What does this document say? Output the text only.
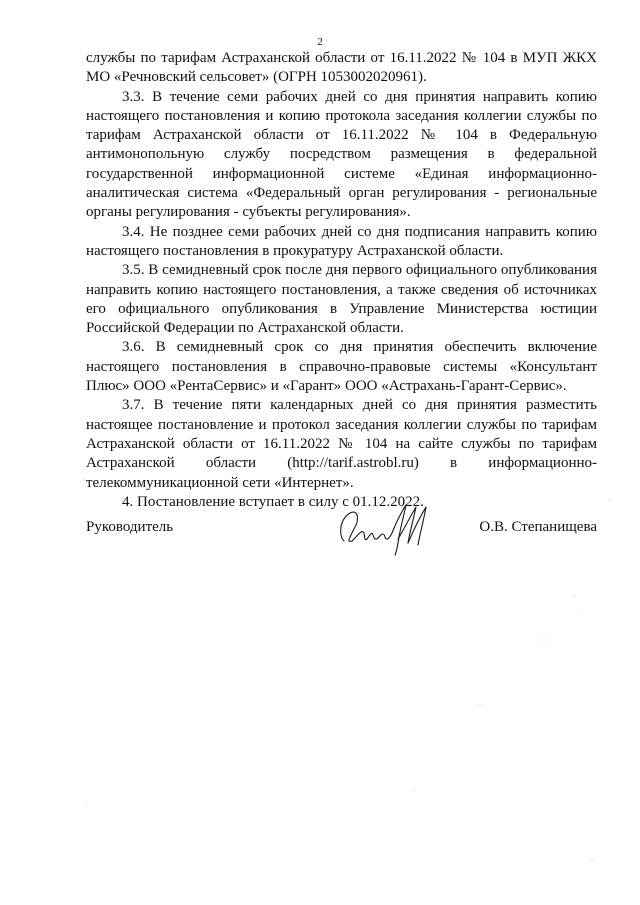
2

службы по тарифам Астраханской области от 16.11.2022 № 104 в МУП ЖКХ МО «Речновский сельсовет» (ОГРН 1053002020961).

3.3. В течение семи рабочих дней со дня принятия направить копию настоящего постановления и копию протокола заседания коллегии службы по тарифам Астраханской области от 16.11.2022 № 104 в Федеральную антимонопольную службу посредством размещения в федеральной государственной информационной системе «Единая информационно-аналитическая система «Федеральный орган регулирования - региональные органы регулирования - субъекты регулирования».

3.4. Не позднее семи рабочих дней со дня подписания направить копию настоящего постановления в прокуратуру Астраханской области.

3.5. В семидневный срок после дня первого официального опубликования направить копию настоящего постановления, а также сведения об источниках его официального опубликования в Управление Министерства юстиции Российской Федерации по Астраханской области.

3.6. В семидневный срок со дня принятия обеспечить включение настоящего постановления в справочно-правовые системы «Консультант Плюс» ООО «РентаСервис» и «Гарант» ООО «Астрахань-Гарант-Сервис».

3.7. В течение пяти календарных дней со дня принятия разместить настоящее постановление и протокол заседания коллегии службы по тарифам Астраханской области от 16.11.2022 № 104 на сайте службы по тарифам Астраханской области (http://tarif.astrobl.ru) в информационно-телекоммуникационной сети «Интернет».

4. Постановление вступает в силу с 01.12.2022.

Руководитель	О.В. Степанищева
